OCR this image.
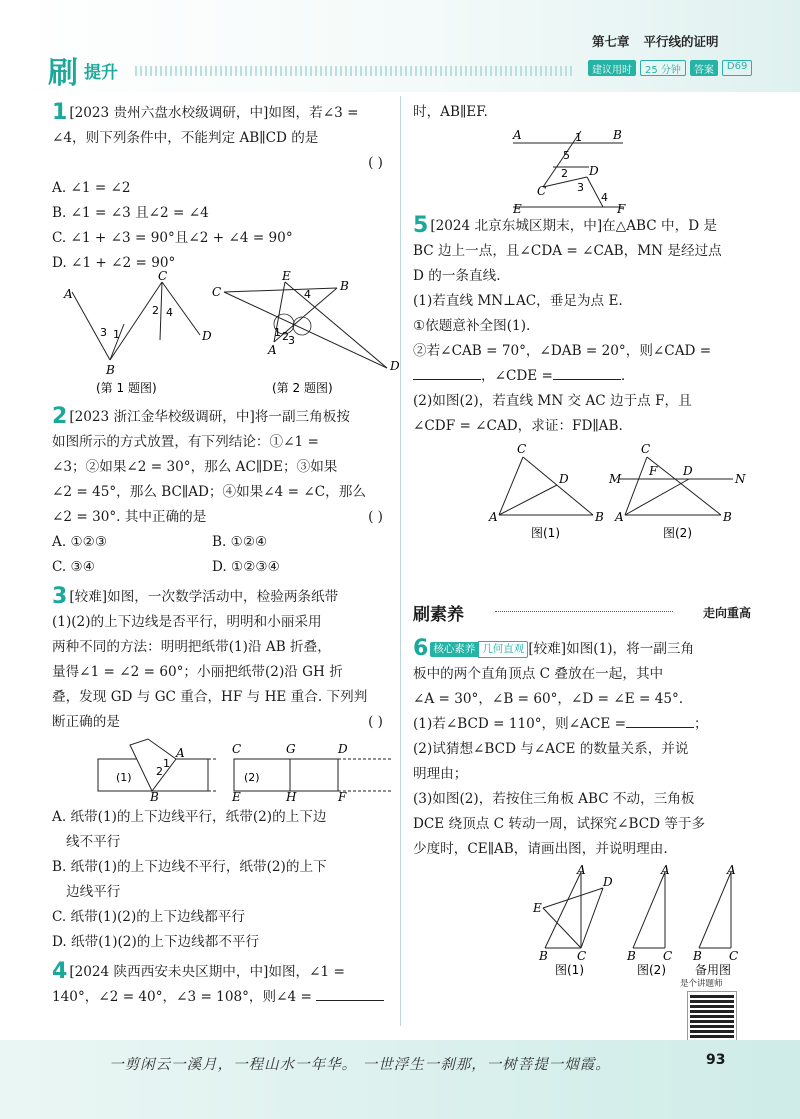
刷 提升
第七章 平行线的证明
建议用时	25 分钟	答案	D69
1 [2023 贵州六盘水校级调研，中]如图，若∠3 =
∠4，则下列条件中，不能判定 AB∥CD 的是

( )

A. ∠1 = ∠2
B. ∠1 = ∠3 且∠2 = ∠4
C. ∠1 + ∠3 = 90°且∠2 + ∠4 = 90°
D. ∠1 + ∠2 = 90°
A
B
C
D
3 1
2 4
C
E
B
A
D
4
1 2 3
(第 1 题图)	(第 2 题图)
2 [2023 浙江金华校级调研，中]将一副三角板按
如图所示的方式放置，有下列结论：①∠1 =
∠3；②如果∠2 = 30°，那么 AC∥DE；③如果
∠2 = 45°，那么 BC∥AD；④如果∠4 = ∠C，那么
∠2 = 30°. 其中正确的是	( )

A. ①②③	B. ①②④
C. ③④	D. ①②③④
3 [较难]如图，一次数学活动中，检验两条纸带
(1)(2)的上下边线是否平行，明明和小丽采用
两种不同的方法：明明把纸带(1)沿 AB 折叠，
量得∠1 = ∠2 = 60°；小丽把纸带(2)沿 GH 折
叠，发现 GD 与 GC 重合，HF 与 HE 重合. 下列判
断正确的是	( )
(1)
A
B
2
1
(2)
C	G	D
E	H	F
A. 纸带(1)的上下边线平行，纸带(2)的上下边
线不平行
B. 纸带(1)的上下边线不平行，纸带(2)的上下
边线平行
C. 纸带(1)(2)的上下边线都平行
D. 纸带(1)(2)的上下边线都不平行
4 [2024 陕西西安未央区期中，中]如图，∠1 =
140°，∠2 = 40°，∠3 = 108°，则∠4 =
时，AB∥EF.
A	B
E	F
C
D
1
5
2
3
4
5 [2024 北京东城区期末，中]在△ABC 中，D 是
BC 边上一点，且∠CDA = ∠CAB，MN 是经过点
D 的一条直线.
(1)若直线 MN⊥AC，垂足为点 E.
①依题意补全图(1).
②若∠CAB = 70°，∠DAB = 20°，则∠CAD =
，∠CDE =	.
(2)如图(2)，若直线 MN 交 AC 边于点 F，且
∠CDF = ∠CAD，求证：FD∥AB.
C
D
A	B
图(1)
C
M
F D
N
A	B
图(2)
刷素养	走向重高
6 核心素养 几何直观 [较难]如图(1)，将一副三角
板中的两个直角顶点 C 叠放在一起，其中
∠A = 30°，∠B = 60°，∠D = ∠E = 45°.
(1)若∠BCD = 110°，则∠ACE =	；
(2)试猜想∠BCD 与∠ACE 的数量关系，并说
明理由；
(3)如图(2)，若按住三角板 ABC 不动，三角板
DCE 绕顶点 C 转动一周，试探究∠BCD 等于多
少度时，CE∥AB，请画出图，并说明理由.
A
D
E
B C
图(1)
A
B C
图(2)
A
B C
备用图
是个讲题师
一剪闲云一溪月，一程山水一年华。 一世浮生一刹那，一树菩提一烟霞。	93
